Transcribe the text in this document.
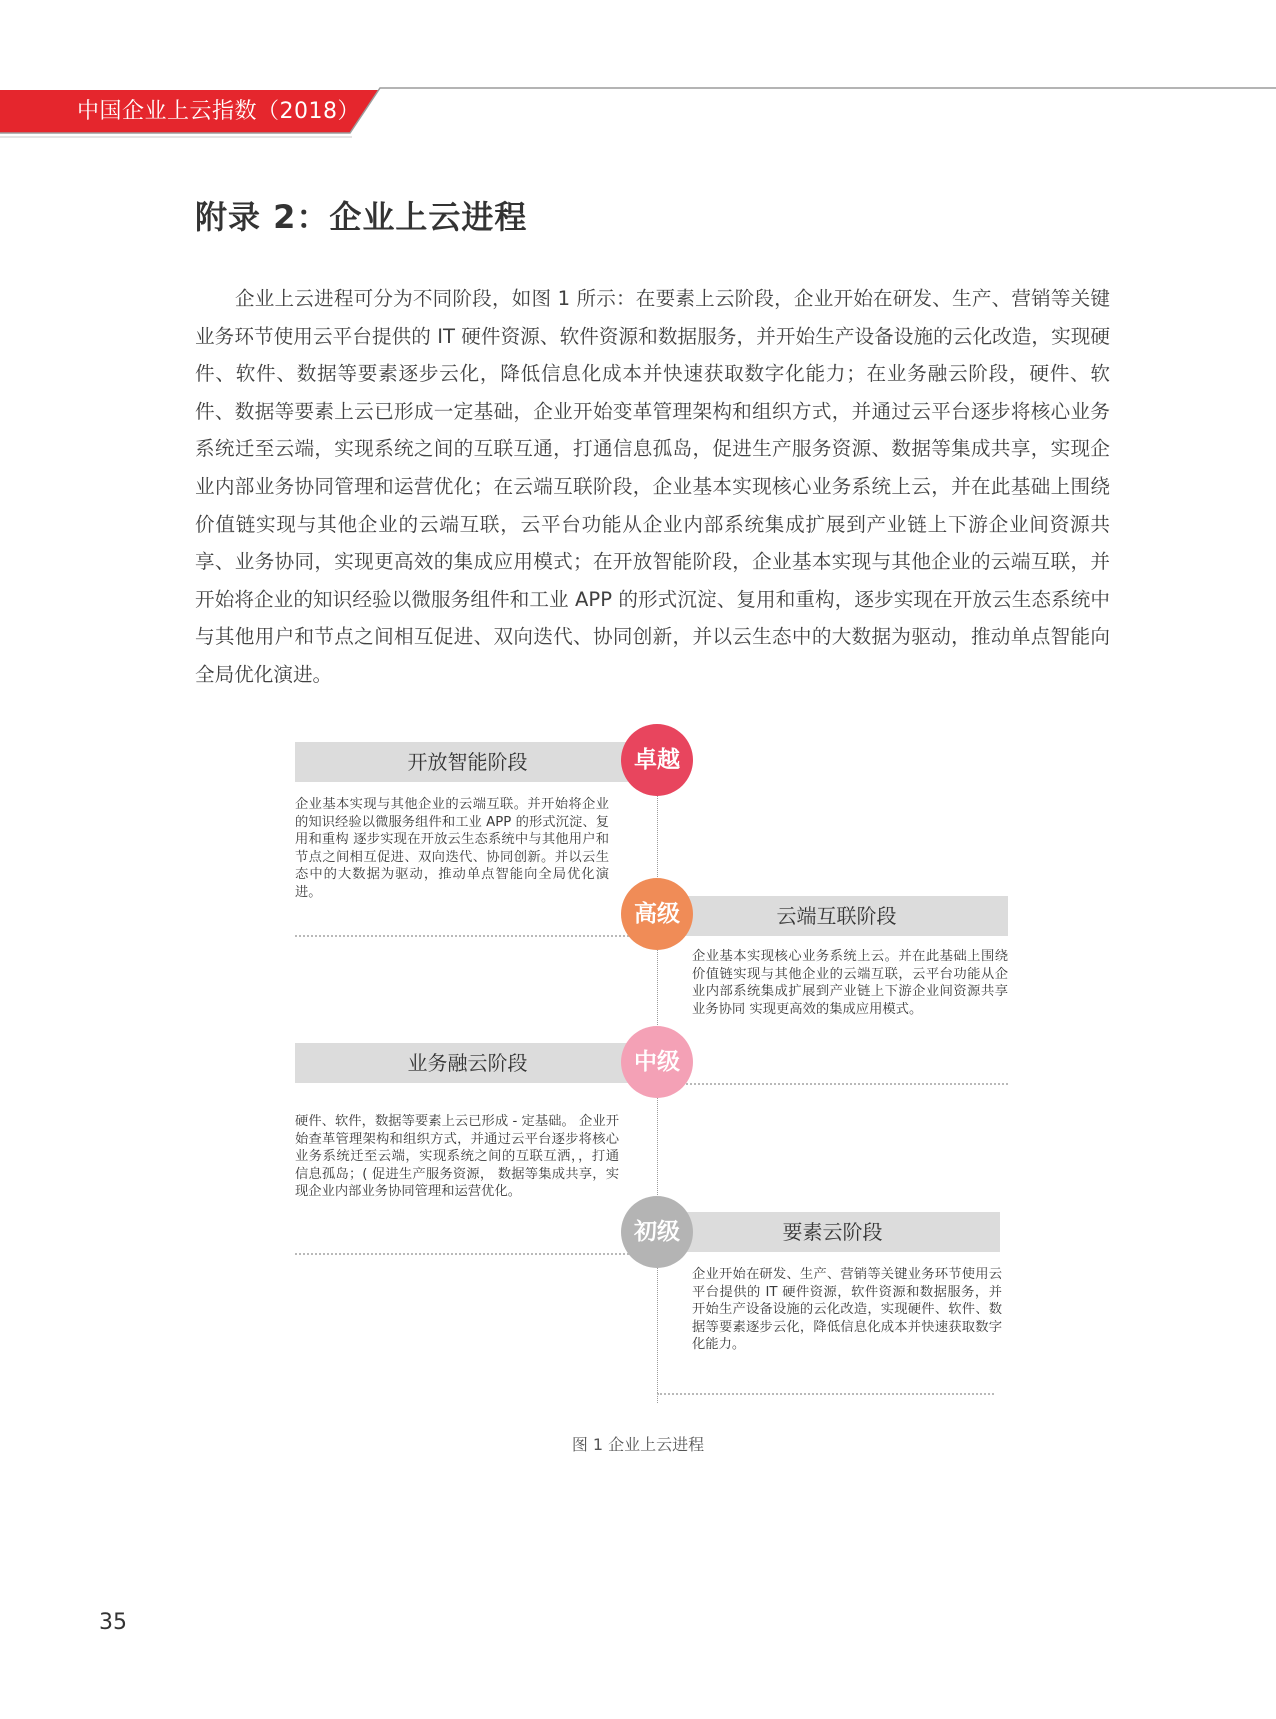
中国企业上云指数（2018）
附录 2：企业上云进程

企业上云进程可分为不同阶段，如图 1 所示：在要素上云阶段，企业开始在研发、生产、营销等关键业务环节使用云平台提供的 IT 硬件资源、软件资源和数据服务，并开始生产设备设施的云化改造，实现硬件、软件、数据等要素逐步云化，降低信息化成本并快速获取数字化能力；在业务融云阶段，硬件、软件、数据等要素上云已形成一定基础，企业开始变革管理架构和组织方式，并通过云平台逐步将核心业务系统迁至云端，实现系统之间的互联互通，打通信息孤岛，促进生产服务资源、数据等集成共享，实现企业内部业务协同管理和运营优化；在云端互联阶段，企业基本实现核心业务系统上云，并在此基础上围绕价值链实现与其他企业的云端互联，云平台功能从企业内部系统集成扩展到产业链上下游企业间资源共享、业务协同，实现更高效的集成应用模式；在开放智能阶段，企业基本实现与其他企业的云端互联，并开始将企业的知识经验以微服务组件和工业 APP 的形式沉淀、复用和重构，逐步实现在开放云生态系统中与其他用户和节点之间相互促进、双向迭代、协同创新，并以云生态中的大数据为驱动，推动单点智能向全局优化演进。

开放智能阶段	卓越
企业基本实现与其他企业的云端互联。并开始将企业的知识经验以微服务组件和工业 APP 的形式沉淀、复用和重构 逐步实现在开放云生态系统中与其他用户和节点之间相互促进、双向迭代、协同创新。并以云生态中的大数据为驱动，推动单点智能向全局优化演进。
云端互联阶段
高级
企业基本实现核心业务系统上云。并在此基础上围绕价值链实现与其他企业的云端互联，云平台功能从企业内部系统集成扩展到产业链上下游企业间资源共享业务协同 实现更高效的集成应用模式。
业务融云阶段	中级
硬件、软件，数据等要素上云已形成 - 定基础。 企业开始查革管理架构和组织方式，并通过云平台逐步将核心业务系统迁至云端，实现系统之间的互联互洒，，打通信息孤岛；( 促进生产服务资源， 数据等集成共享，实现企业内部业务协同管理和运营优化。
要素云阶段
初级
企业开始在研发、生产、营销等关键业务环节使用云平台提供的 IT 硬件资源，软件资源和数据服务，并开始生产设备设施的云化改造，实现硬件、软件、数据等要素逐步云化，降低信息化成本并快速获取数字化能力。
图 1 企业上云进程
35
